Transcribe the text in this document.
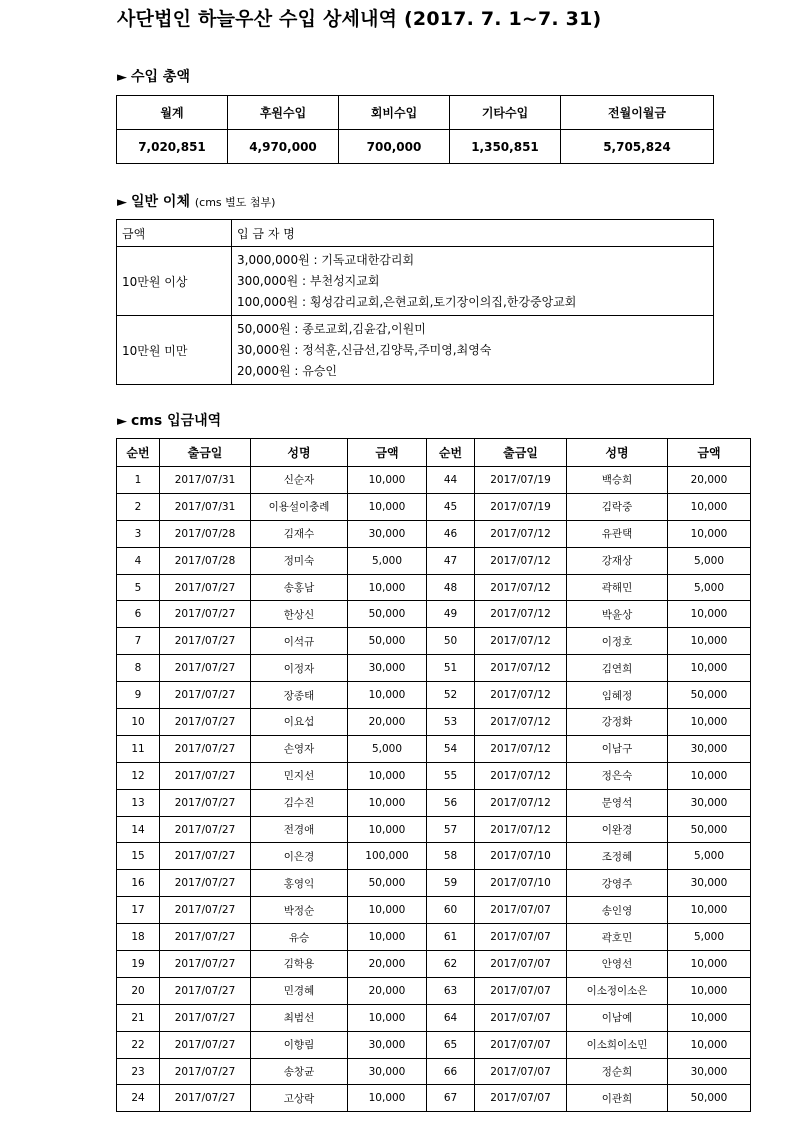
사단법인 하늘우산 수입 상세내역 (2017. 7. 1~7. 31)
► 수입 총액
월계	후원수입	회비수입	기타수입	전월이월금
7,020,851	4,970,000	700,000	1,350,851	5,705,824
► 일반 이체 (cms 별도 첨부)
금액	입 금 자 명
10만원 이상	3,000,000원 : 기독교대한감리회
300,000원 : 부천성지교회
100,000원 : 횡성감리교회,은현교회,토기장이의집,한강중앙교회

10만원 미만	50,000원 : 종로교회,김윤갑,이원미
30,000원 : 정석훈,신금선,김양묵,주미영,최영숙
20,000원 : 유승인
► cms 입금내역
순번	출금일	성명	금액	순번	출금일	성명	금액
1	2017/07/31	신순자	10,000	44	2017/07/19	백승희	20,000
2	2017/07/31	이용설이충례	10,000	45	2017/07/19	김락중	10,000
3	2017/07/28	김재수	30,000	46	2017/07/12	유관택	10,000
4	2017/07/28	정미숙	5,000	47	2017/07/12	강재상	5,000
5	2017/07/27	송홍남	10,000	48	2017/07/12	곽해민	5,000
6	2017/07/27	한상신	50,000	49	2017/07/12	박윤상	10,000
7	2017/07/27	이석규	50,000	50	2017/07/12	이정호	10,000
8	2017/07/27	이정자	30,000	51	2017/07/12	김연희	10,000
9	2017/07/27	장종태	10,000	52	2017/07/12	임혜정	50,000
10	2017/07/27	이요섭	20,000	53	2017/07/12	강정화	10,000
11	2017/07/27	손영자	5,000	54	2017/07/12	이남구	30,000
12	2017/07/27	민지선	10,000	55	2017/07/12	정은숙	10,000
13	2017/07/27	김수진	10,000	56	2017/07/12	문영석	30,000
14	2017/07/27	전경애	10,000	57	2017/07/12	이완경	50,000
15	2017/07/27	이은경	100,000	58	2017/07/10	조정혜	5,000
16	2017/07/27	홍영익	50,000	59	2017/07/10	강영주	30,000
17	2017/07/27	박정순	10,000	60	2017/07/07	송인영	10,000
18	2017/07/27	유승	10,000	61	2017/07/07	곽호민	5,000
19	2017/07/27	김학용	20,000	62	2017/07/07	안영선	10,000
20	2017/07/27	민경혜	20,000	63	2017/07/07	이소정이소은	10,000
21	2017/07/27	최범선	10,000	64	2017/07/07	이남예	10,000
22	2017/07/27	이향림	30,000	65	2017/07/07	이소희이소민	10,000
23	2017/07/27	송창균	30,000	66	2017/07/07	정순희	30,000
24	2017/07/27	고상락	10,000	67	2017/07/07	이관희	50,000
